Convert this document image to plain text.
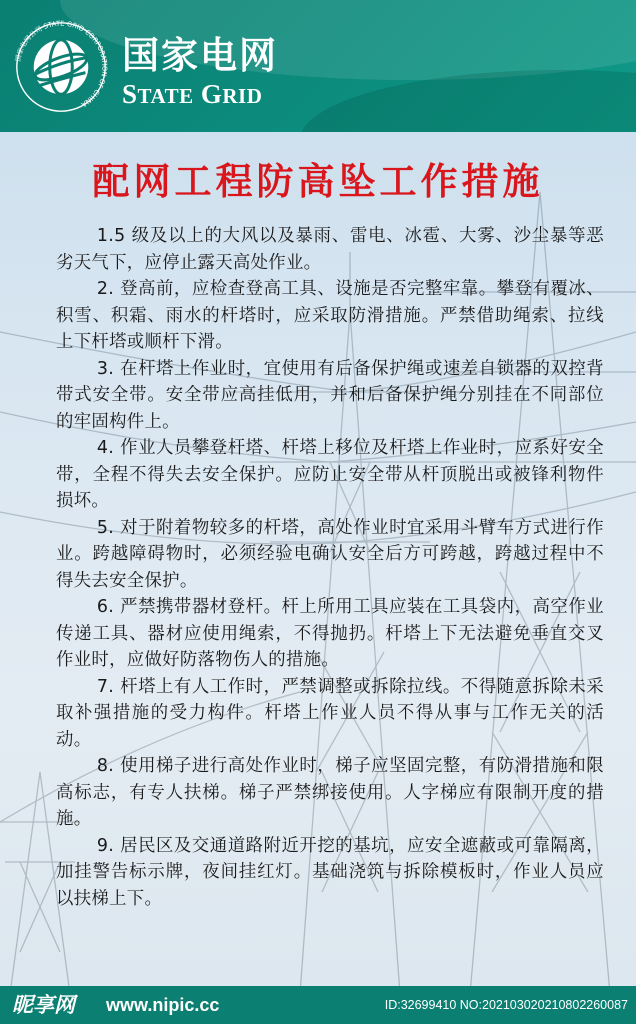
国家电网公司 STATE GRID CORPORATION OF CHINA
国家电网
STATE GRID
配网工程防高坠工作措施

1.5 级及以上的大风以及暴雨、雷电、冰雹、大雾、沙尘暴等恶劣天气下，应停止露天高处作业。

2. 登高前，应检查登高工具、设施是否完整牢靠。攀登有覆冰、积雪、积霜、雨水的杆塔时，应采取防滑措施。严禁借助绳索、拉线上下杆塔或顺杆下滑。

3. 在杆塔上作业时，宜使用有后备保护绳或速差自锁器的双控背带式安全带。安全带应高挂低用，并和后备保护绳分别挂在不同部位的牢固构件上。

4. 作业人员攀登杆塔、杆塔上移位及杆塔上作业时，应系好安全带，全程不得失去安全保护。应防止安全带从杆顶脱出或被锋利物件损坏。

5. 对于附着物较多的杆塔，高处作业时宜采用斗臂车方式进行作业。跨越障碍物时，必须经验电确认安全后方可跨越，跨越过程中不得失去安全保护。

6. 严禁携带器材登杆。杆上所用工具应装在工具袋内，高空作业传递工具、器材应使用绳索，不得抛扔。杆塔上下无法避免垂直交叉作业时，应做好防落物伤人的措施。

7. 杆塔上有人工作时，严禁调整或拆除拉线。不得随意拆除未采取补强措施的受力构件。杆塔上作业人员不得从事与工作无关的活动。

8. 使用梯子进行高处作业时，梯子应坚固完整，有防滑措施和限高标志，有专人扶梯。梯子严禁绑接使用。人字梯应有限制开度的措施。

9. 居民区及交通道路附近开挖的基坑，应安全遮蔽或可靠隔离，加挂警告标示牌，夜间挂红灯。基础浇筑与拆除模板时，作业人员应以扶梯上下。

昵享网 www.nipic.cc	ID:32699410 NO:20210302021080226008​7
